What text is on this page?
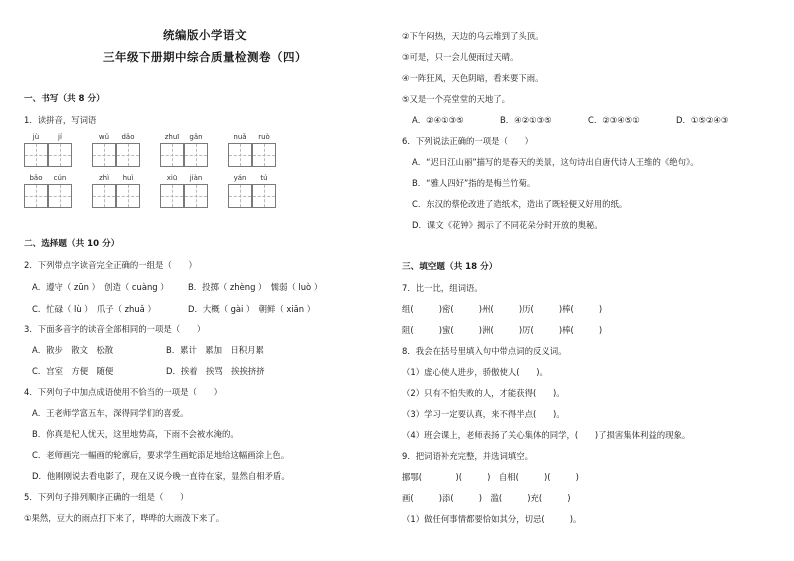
统编版小学语文
三年级下册期中综合质量检测卷（四）
一、书写（共 8 分）
1．读拼音，写词语
jù	jí	wǔ	dǎo	zhuī	gǎn	nuǎ	ruò
bǎo	cún	zhì	huì	xiū	jiàn	yán	tú
二、选择题（共 10 分）
2．下列带点字读音完全正确的一组是（　　）
A．遵守（ zūn ）　创造（ cuàng ） B．投掷（ zhèng ）　懦弱（ luò ）
C．忙碌（ lù ）　爪子（ zhuǎ ）	D．大概（ gài ）　朝鲜（ xiān ）
3．下面多音字的读音全部相同的一项是（　　）
A．散步　散文　松散	B．累计　累加　日积月累
C．宫室　方便　随便	D．挨着　挨骂　挨挨挤挤
4．下列句子中加点成语使用不恰当的一项是（　　）
A．王老师学富五车，深得同学们的喜爱。
B．你真是杞人忧天，这里地势高，下雨不会被水淹的。
C．老师画完一幅画的轮廓后，要求学生画蛇添足地给这幅画涂上色。
D．他刚刚说去看电影了，现在又说今晚一直待在家，显然自相矛盾。
5．下列句子排列顺序正确的一组是（　　）
①果然，豆大的雨点打下来了，哗哗的大雨泼下来了。
②下午闷热，天边的乌云堆到了头顶。
③可是，只一会儿便雨过天晴。
④一阵狂风，天色阴暗，看来要下雨。
⑤又是一个亮堂堂的天地了。
A．②④①③⑤	B．④②①③⑤	C．②③④⑤①	D．①⑤②④③
6．下列说法正确的一项是（　　）
A．“迟日江山丽”描写的是春天的美景，这句诗出自唐代诗人王维的《绝句》。
B．“雅人四好”指的是梅兰竹菊。
C．东汉的蔡伦改进了造纸术，造出了既轻便又好用的纸。
D．课文《花钟》揭示了不同花朵分时开放的奥秘。
三、填空题（共 18 分）
7．比一比，组词语。
组(　　　)密(　　　)州(　　　)历(　　　)棒(　　　)
阻(　　　)蜜(　　　)洲(　　　)厉(　　　)棒(　　　)
8．我会在括号里填入句中带点词的反义词。
（1）虚心使人进步，骄傲使人(　　)。
（2）只有不怕失败的人，才能获得(　　)。
（3）学习一定要认真，来不得半点(　　)。
（4）班会课上，老师表扬了关心集体的同学，(　　)了损害集体利益的现象。
9．把词语补充完整，并选词填空。
挪鄂(　　　　)(　　　)　自相(　　　)(　　　)
画(　　　)添(　　　)　滥(　　　)充(　　　)
（1）做任何事情都要恰如其分，切忌(　　　)。
